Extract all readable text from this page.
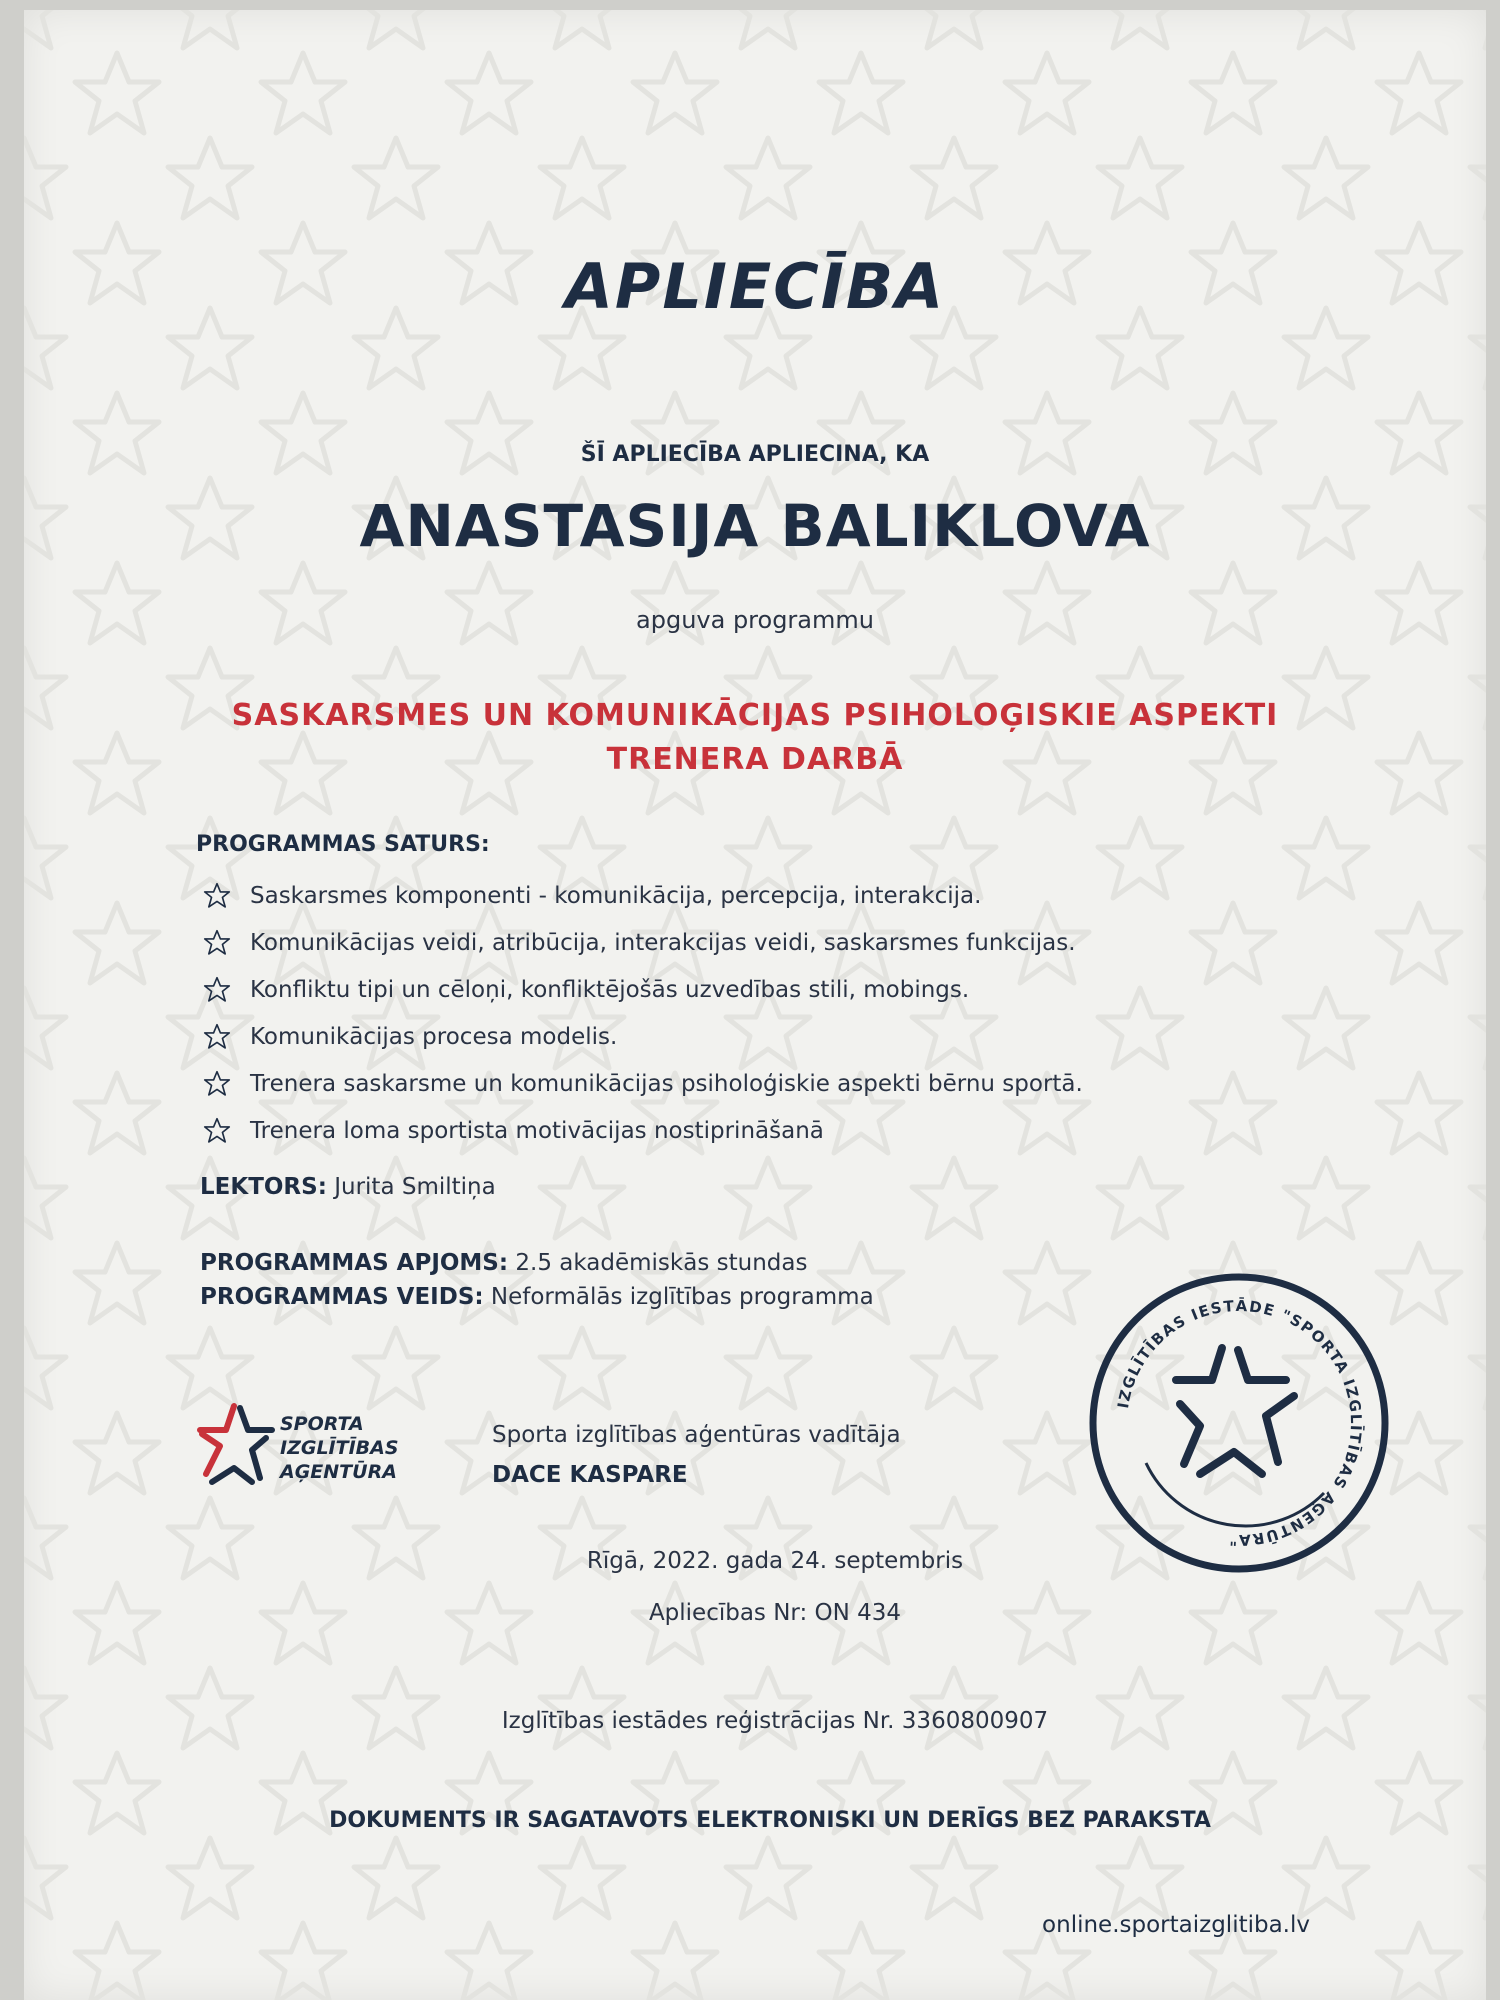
APLIECĪBA
ŠĪ APLIECĪBA APLIECINA, KA
ANASTASIJA BALIKLOVA
apguva programmu
SASKARSMES UN KOMUNIKĀCIJAS PSIHOLOĢISKIE ASPEKTI
TRENERA DARBĀ
PROGRAMMAS SATURS:
Saskarsmes komponenti - komunikācija, percepcija, interakcija.
Komunikācijas veidi, atribūcija, interakcijas veidi, saskarsmes funkcijas.
Konfliktu tipi un cēloņi, konfliktējošās uzvedības stili, mobings.
Komunikācijas procesa modelis.
Trenera saskarsme un komunikācijas psiholoģiskie aspekti bērnu sportā.
Trenera loma sportista motivācijas nostiprināšanā
LEKTORS: Jurita Smiltiņa
PROGRAMMAS APJOMS: 2.5 akadēmiskās stundas
PROGRAMMAS VEIDS: Neformālās izglītības programma
SPORTA
IZGLĪTĪBAS
AĢENTŪRA
Sporta izglītības aģentūras vadītāja
DACE KASPARE
IZGLĪTĪBAS IESTĀDE "SPORTA IZGLĪTĪBAS AĢENTŪRA"
Rīgā, 2022. gada 24. septembris
Apliecības Nr: ON 434
Izglītības iestādes reģistrācijas Nr. 3360800907
DOKUMENTS IR SAGATAVOTS ELEKTRONISKI UN DERĪGS BEZ PARAKSTA
online.sportaizglitiba.lv
